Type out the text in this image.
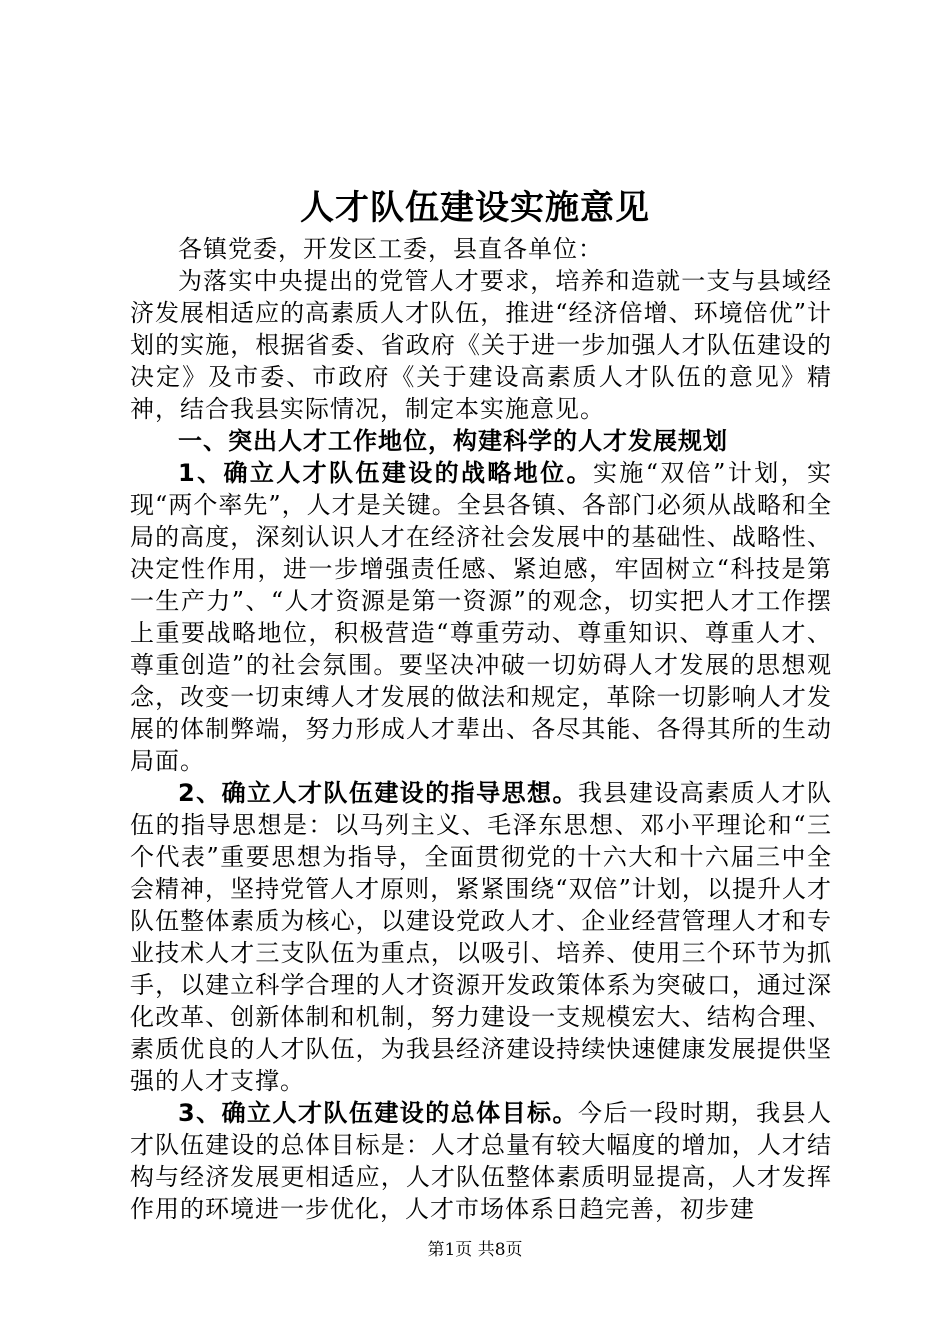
人才队伍建设实施意见

各镇党委，开发区工委，县直各单位：

为落实中央提出的党管人才要求，培养和造就一支与县域经济发展相适应的高素质人才队伍，推进“经济倍增、环境倍优”计划的实施，根据省委、省政府《关于进一步加强人才队伍建设的决定》及市委、市政府《关于建设高素质人才队伍的意见》精神，结合我县实际情况，制定本实施意见。

一、突出人才工作地位，构建科学的人才发展规划

1、确立人才队伍建设的战略地位。实施“双倍”计划，实现“两个率先”，人才是关键。全县各镇、各部门必须从战略和全局的高度，深刻认识人才在经济社会发展中的基础性、战略性、决定性作用，进一步增强责任感、紧迫感，牢固树立“科技是第一生产力”、“人才资源是第一资源”的观念，切实把人才工作摆上重要战略地位，积极营造“尊重劳动、尊重知识、尊重人才、尊重创造”的社会氛围。要坚决冲破一切妨碍人才发展的思想观念，改变一切束缚人才发展的做法和规定，革除一切影响人才发展的体制弊端，努力形成人才辈出、各尽其能、各得其所的生动局面。

2、确立人才队伍建设的指导思想。我县建设高素质人才队伍的指导思想是：以马列主义、毛泽东思想、邓小平理论和“三个代表”重要思想为指导，全面贯彻党的十六大和十六届三中全会精神，坚持党管人才原则，紧紧围绕“双倍”计划，以提升人才队伍整体素质为核心，以建设党政人才、企业经营管理人才和专业技术人才三支队伍为重点，以吸引、培养、使用三个环节为抓手，以建立科学合理的人才资源开发政策体系为突破口，通过深化改革、创新体制和机制，努力建设一支规模宏大、结构合理、素质优良的人才队伍，为我县经济建设持续快速健康发展提供坚强的人才支撑。

3、确立人才队伍建设的总体目标。今后一段时期，我县人才队伍建设的总体目标是：人才总量有较大幅度的增加，人才结构与经济发展更相适应，人才队伍整体素质明显提高，人才发挥作用的环境进一步优化，人才市场体系日趋完善，初步建

第1页 共8页
